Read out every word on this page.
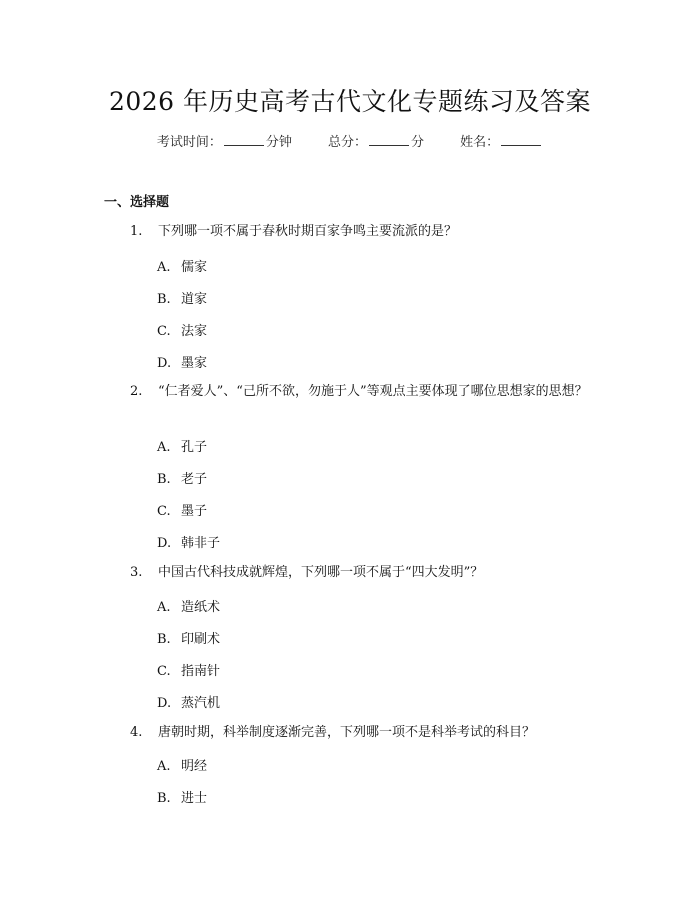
2026 年历史高考古代文化专题练习及答案
考试时间：	分钟	总分：	分	姓名：
一、选择题
1. 下列哪一项不属于春秋时期百家争鸣主要流派的是？
A. 儒家
B. 道家
C. 法家
D. 墨家
2. “仁者爱人”、“己所不欲，勿施于人”等观点主要体现了哪位思想家的思想？
A. 孔子
B. 老子
C. 墨子
D. 韩非子
3. 中国古代科技成就辉煌，下列哪一项不属于“四大发明”？
A. 造纸术
B. 印刷术
C. 指南针
D. 蒸汽机
4. 唐朝时期，科举制度逐渐完善，下列哪一项不是科举考试的科目？
A. 明经
B. 进士
